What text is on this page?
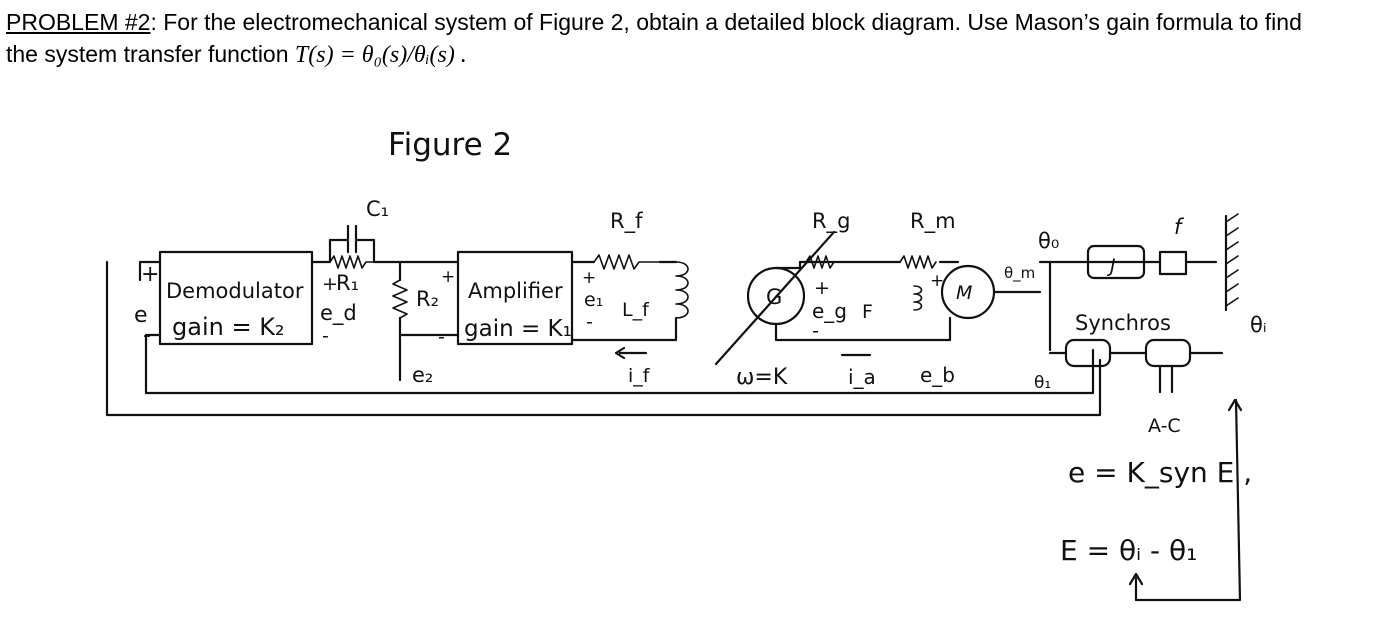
PROBLEM #2: For the electromechanical system of Figure 2, obtain a detailed block diagram. Use Mason’s gain formula to find
the system transfer function T(s) = θ₀(s)/θᵢ(s) .
Figure 2
Demodulator
gain = K₂
Amplifier
gain = K₁
+
e
-
C₁
+
R₁
e_d
-
R₂
+
-
e₂
R_f
+
e₁
-
L_f
i_f
G
R_g
+
e_g
-
F
ω=K	i_a
R_m
M
+
e_b
θ₀
θ_m	J
f
Synchros	θᵢ
θ₁
A-C
e = K_syn E ,
E = θᵢ - θ₁
